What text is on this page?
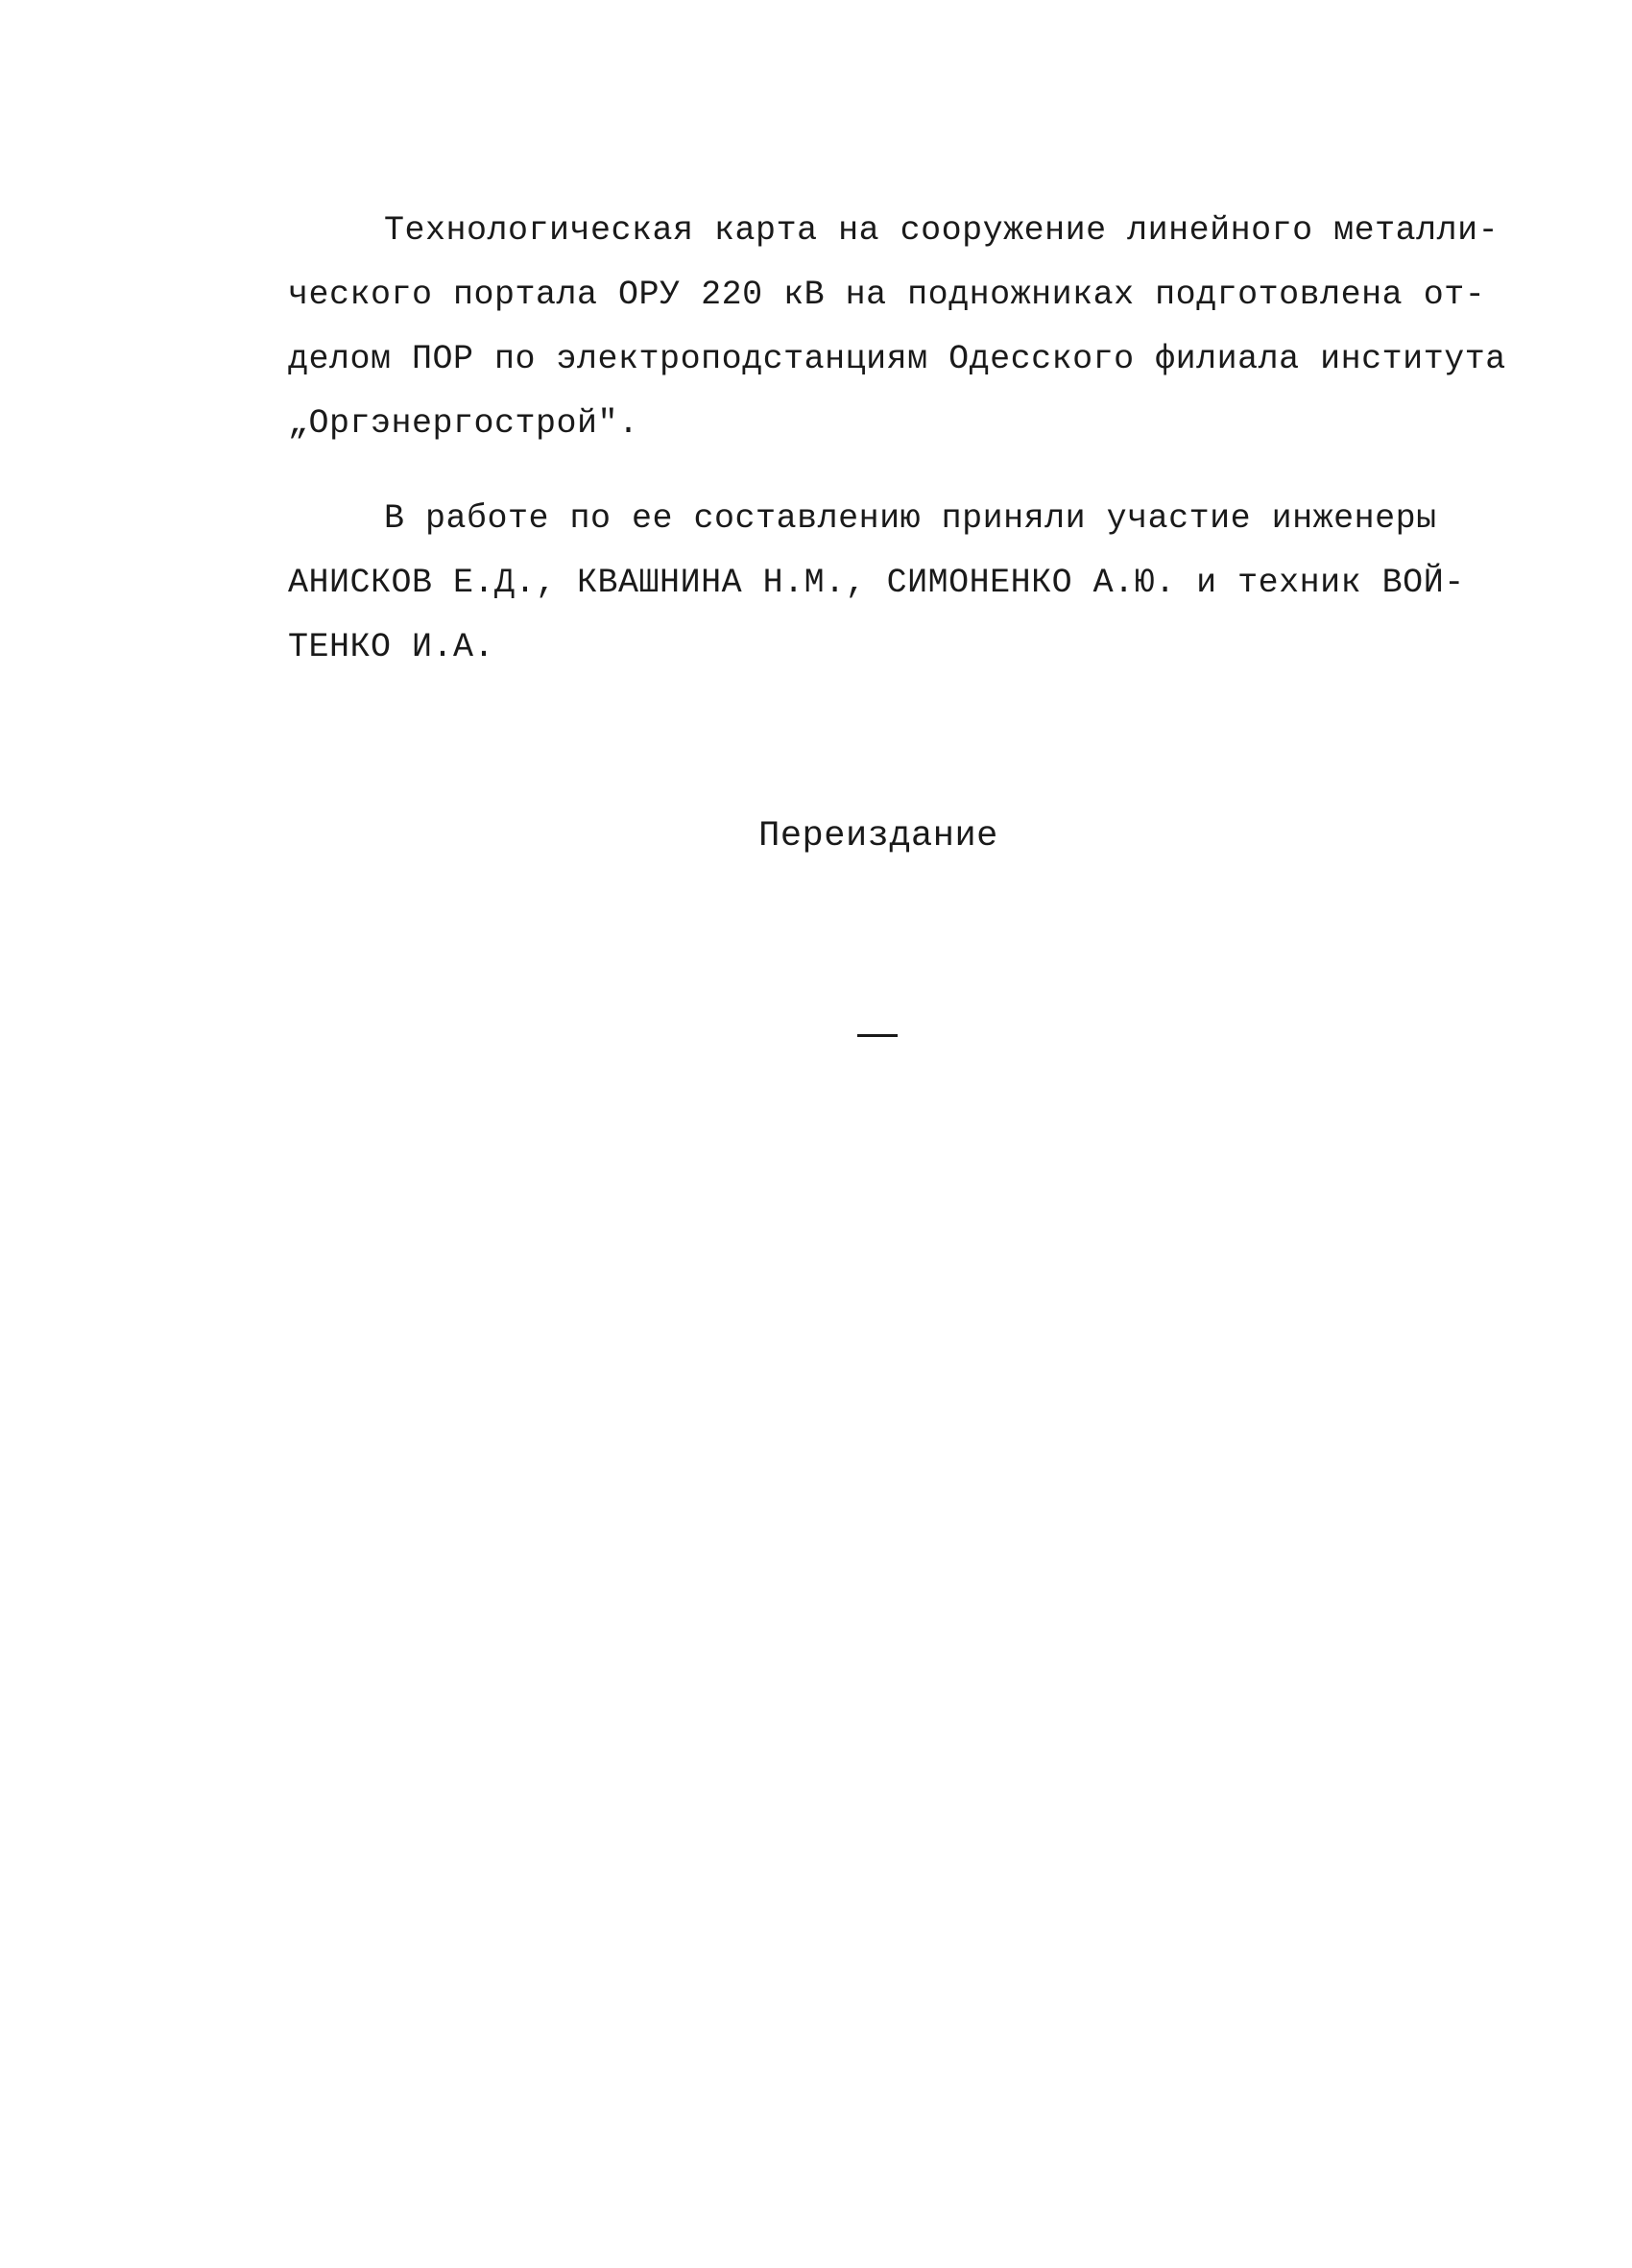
Технологическая карта на сооружение линейного металли-
ческого портала ОРУ 220 кВ на подножниках подготовлена от-
делом ПОР по электроподстанциям Одесского филиала института
„Оргэнергострой".
В работе по ее составлению приняли участие инженеры
АНИСКОВ Е.Д., КВАШНИНА Н.М., СИМОНЕНКО А.Ю. и техник ВОЙ-
ТЕНКО И.А.
Переиздание
